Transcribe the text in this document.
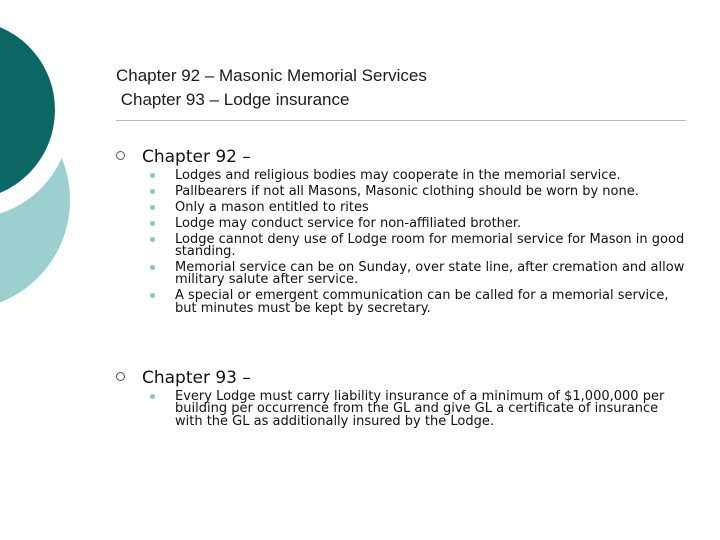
Chapter 92 – Masonic Memorial Services
Chapter 93 – Lodge insurance
Chapter 92 –
Lodges and religious bodies may cooperate in the memorial service.
Pallbearers if not all Masons, Masonic clothing should be worn by none.
Only a mason entitled to rites
Lodge may conduct service for non-affiliated brother.
Lodge cannot deny use of Lodge room for memorial service for Mason in good standing.
Memorial service can be on Sunday, over state line, after cremation and allow military salute after service.
A special or emergent communication can be called for a memorial service, but minutes must be kept by secretary.
Chapter 93 –
Every Lodge must carry liability insurance of a minimum of $1,000,000 per building per occurrence from the GL and give GL a certificate of insurance with the GL as additionally insured by the Lodge.
